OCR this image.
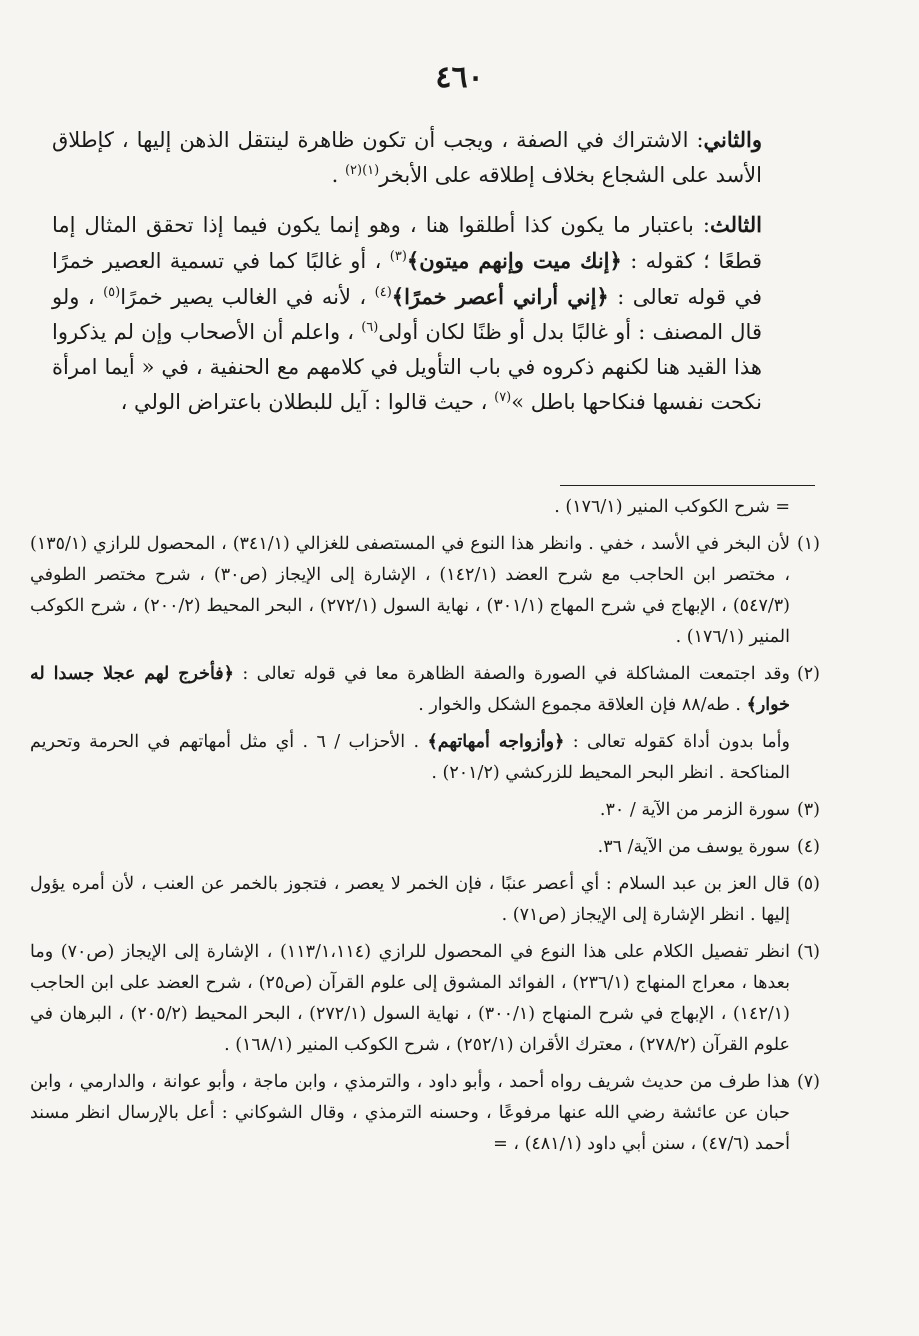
٤٦٠

والثاني: الاشتراك في الصفة ، ويجب أن تكون ظاهرة لينتقل الذهن إليها ، كإطلاق الأسد على الشجاع بخلاف إطلاقه على الأبخر$^{(١)(٢)}$ .

الثالث: باعتبار ما يكون كذا أطلقوا هنا ، وهو إنما يكون فيما إذا تحقق المثال إما قطعًا ؛ كقوله : ﴿إنك ميت وإنهم ميتون﴾$^{(٣)}$ ، أو غالبًا كما في تسمية العصير خمرًا في قوله تعالى : ﴿إني أراني أعصر خمرًا﴾$^{(٤)}$ ، لأنه في الغالب يصير خمرًا$^{(٥)}$ ، ولو قال المصنف : أو غالبًا بدل أو ظنًا لكان أولى$^{(٦)}$ ، واعلم أن الأصحاب وإن لم يذكروا هذا القيد هنا لكنهم ذكروه في باب التأويل في كلامهم مع الحنفية ، في « أيما امرأة نكحت نفسها فنكاحها باطل »$^{(٧)}$ ، حيث قالوا : آيل للبطلان باعتراض الولي ،

= شرح الكوكب المنير (١٧٦/١) .
(١)
لأن البخر في الأسد ، خفي . وانظر هذا النوع في المستصفى للغزالي (٣٤١/١) ، المحصول للرازي (١٣٥/١) ، مختصر ابن الحاجب مع شرح العضد (١٤٢/١) ، الإشارة إلى الإيجاز (ص٣٠) ، شرح مختصر الطوفي (٥٤٧/٣) ، الإبهاج في شرح المهاج (٣٠١/١) ، نهاية السول (٢٧٢/١) ، البحر المحيط (٢٠٠/٢) ، شرح الكوكب المنير (١٧٦/١) .
(٢)
وقد اجتمعت المشاكلة في الصورة والصفة الظاهرة معا في قوله تعالى : ﴿فأخرج لهم عجلا جسدا له خوار﴾ . طه/٨٨ فإن العلاقة مجموع الشكل والخوار .
وأما بدون أداة كقوله تعالى : ﴿وأزواجه أمهاتهم﴾ . الأحزاب / ٦ . أي مثل أمهاتهم في الحرمة وتحريم المناكحة . انظر البحر المحيط للزركشي (٢٠١/٢) .
(٣)
سورة الزمر من الآية / ٣٠.
(٤)
سورة يوسف من الآية/ ٣٦.
(٥)
قال العز بن عبد السلام : أي أعصر عنبًا ، فإن الخمر لا يعصر ، فتجوز بالخمر عن العنب ، لأن أمره يؤول إليها . انظر الإشارة إلى الإيجاز (ص٧١) .
(٦)
انظر تفصيل الكلام على هذا النوع في المحصول للرازي (١١٣/١،١١٤) ، الإشارة إلى الإيجاز (ص٧٠) وما بعدها ، معراج المنهاج (٢٣٦/١) ، الفوائد المشوق إلى علوم القرآن (ص٢٥) ، شرح العضد على ابن الحاجب (١٤٢/١) ، الإبهاج في شرح المنهاج (٣٠٠/١) ، نهاية السول (٢٧٢/١) ، البحر المحيط (٢٠٥/٢) ، البرهان في علوم القرآن (٢٧٨/٢) ، معترك الأقران (٢٥٢/١) ، شرح الكوكب المنير (١٦٨/١) .
(٧)
هذا طرف من حديث شريف رواه أحمد ، وأبو داود ، والترمذي ، وابن ماجة ، وأبو عوانة ، والدارمي ، وابن حبان عن عائشة رضي الله عنها مرفوعًا ، وحسنه الترمذي ، وقال الشوكاني : أعل بالإرسال انظر مسند أحمد (٤٧/٦) ، سنن أبي داود (٤٨١/١) ، =
